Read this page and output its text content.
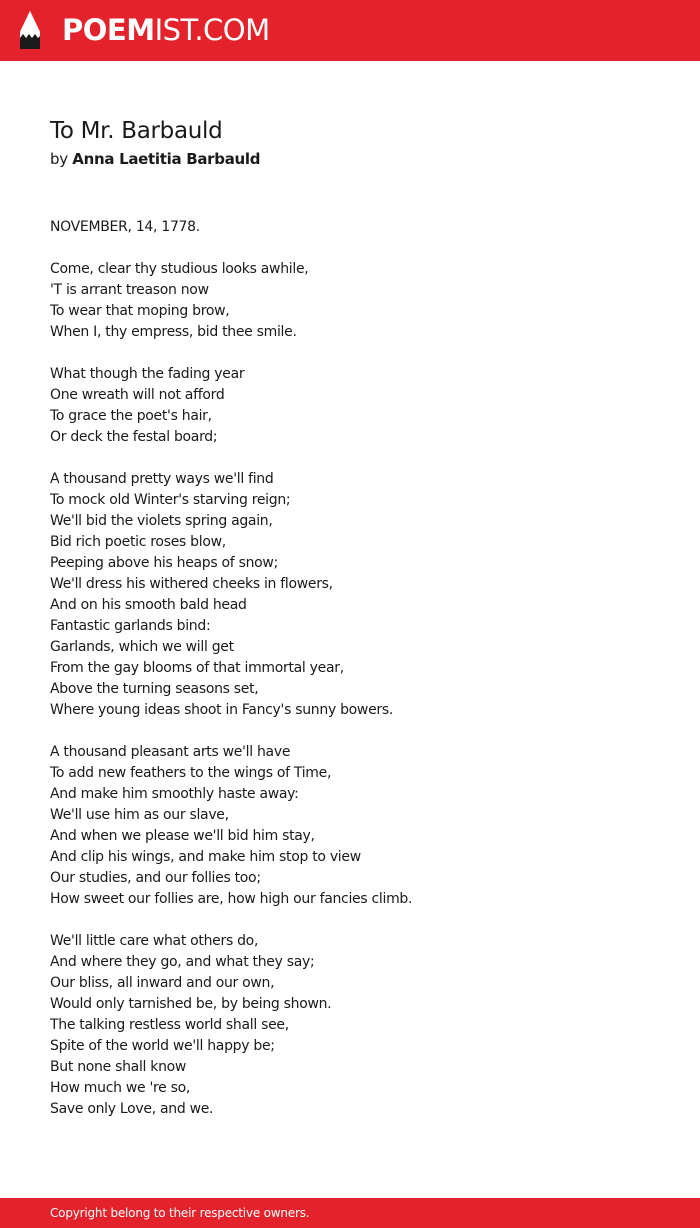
POEMIST.COM
To Mr. Barbauld

by Anna Laetitia Barbauld

NOVEMBER, 14, 1778.
Come, clear thy studious looks awhile,
'T is arrant treason now
To wear that moping brow,
When I, thy empress, bid thee smile.
What though the fading year
One wreath will not afford
To grace the poet's hair,
Or deck the festal board;
A thousand pretty ways we'll find
To mock old Winter's starving reign;
We'll bid the violets spring again,
Bid rich poetic roses blow,
Peeping above his heaps of snow;
We'll dress his withered cheeks in flowers,
And on his smooth bald head
Fantastic garlands bind:
Garlands, which we will get
From the gay blooms of that immortal year,
Above the turning seasons set,
Where young ideas shoot in Fancy's sunny bowers.
A thousand pleasant arts we'll have
To add new feathers to the wings of Time,
And make him smoothly haste away:
We'll use him as our slave,
And when we please we'll bid him stay,
And clip his wings, and make him stop to view
Our studies, and our follies too;
How sweet our follies are, how high our fancies climb.
We'll little care what others do,
And where they go, and what they say;
Our bliss, all inward and our own,
Would only tarnished be, by being shown.
The talking restless world shall see,
Spite of the world we'll happy be;
But none shall know
How much we 're so,
Save only Love, and we.
Copyright belong to their respective owners.
